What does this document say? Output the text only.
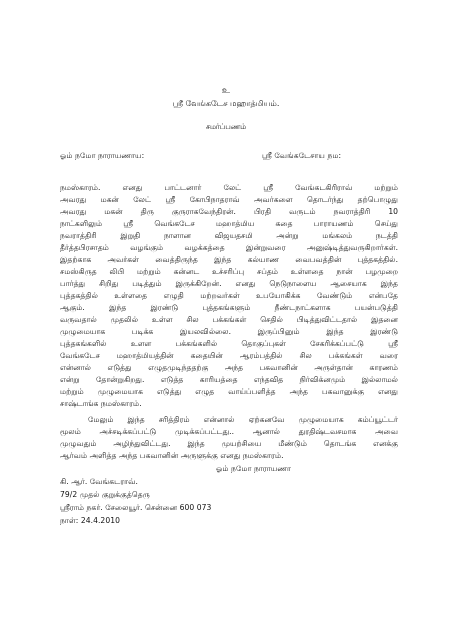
உ
ஸ்ரீ வேங்கடேச மஹாத்மியம்.
சமர்ப்பணம்
ஓம் நமோ நாராயணாய:	ஸ்ரீ வேங்கடேசாய நம:
நமஸ்காரம். எனது பாட்டனார் லேட் ஸ்ரீ வேங்கடகிரிராவ் மற்றும்
அவரது மகன் லேட் ஸ்ரீ கோபிநாதராவ் அவர்களை தொடர்ந்து தற்பொழுது
அவரது மகன் திரு குருராகவேந்திரன். பிரதி வருடம் நவராத்திரி 10
நாட்களிலும் ஸ்ரீ வெங்கடேச மஹாத்மிய கதை பாராயணம் செய்து
நவராத்திரி இறுதி நாளான விஜயதசமி அன்று மங்கலம் நடத்தி
தீர்த்தபிரசாதம் வழங்கும் வழக்கத்தை இன்றுவரை அனுஷ்டித்துவருகிறார்கள்.
இதற்காக அவர்கள் வைத்திருந்த இந்த கல்யாண வைபவத்தின் புத்தகத்தில்.
சமஸ்கிருத லிபி மற்றும் கன்னட உச்சரிப்பு சப்தம் உள்ளதை நான் பழமுறை
பார்த்து சிறிது படித்தும் இருக்கிறேன். எனது நெடுநாளைய ஆசையாக இந்த
புத்தகத்தில் உள்ளதை எழுதி மற்றவர்கள் உபயோகிக்க வேண்டும் என்பதே
ஆகும். இந்த இரண்டு புத்தகங்களும் நீண்டநாட்களாக பயன்படுத்தி
வருவதால் முதலில் உள்ள சில பக்கங்கள் செதில் பிடித்துவிட்டதால் இதனை
முழுமையாக படிக்க இயலவில்லை. இருப்பினும் இந்த இரண்டு
புத்தகங்களில் உளள பக்கங்களில் தொகுப்புகள் சேகரிக்கப்பட்டு ஸ்ரீ
வேங்கடேச மஹாத்மியத்தின் கதையின் ஆரம்பத்தில் சில பக்கங்கள் வரை
என்னால் எடுத்து எழுதமுடிந்ததற்கு அந்த பகவானின் அருள்தான் காரணம்
என்று தோன்றுகிறது. எடுத்த காரியத்தை எந்தவித நிர்விக்னமும் இல்லாமல்
மற்றும் முழுமையாக எடுத்து எழுத வாய்ப்பளித்த அந்த பகவானுக்கு எனது
சாஷ்டாங்க நமஸ்காரம்.
மேலும் இந்த சரித்திரம் என்னால் ஏற்கனவே முழுமையாக கம்ப்யூட்டர்
மூலம் அச்சடிக்கப்பட்டு முடிக்கப்பட்டது.. ஆனால் துரதிஷ்டவசமாக அவை
முழுவதும் அழிந்துவிட்டது. இந்த முயற்சியை மீண்டும் தொடங்க எனக்கு
ஆர்வம் அளித்த அந்த பகவானின் அருளுக்கு எனது நமஸ்காரம்.
ஓம் நமோ நாராயணா
கி. ஆர். வேங்கடராவ்.
79/2 முதல் குறுக்குத்தெரு
ஸ்ரீராம் நகர். சேலையூர். சென்னை 600 073
நாள்: 24.4.2010
